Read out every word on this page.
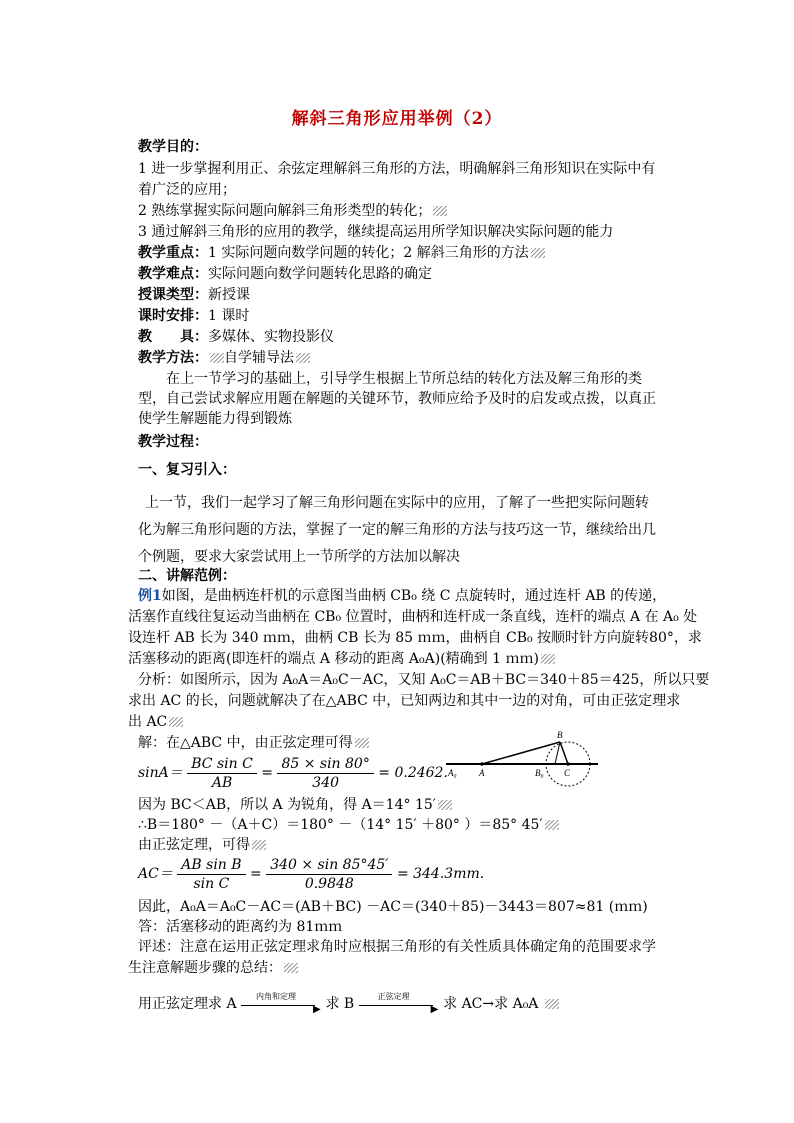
解斜三角形应用举例（2）
教学目的：
1 进一步掌握利用正、余弦定理解斜三角形的方法，明确解斜三角形知识在实际中有
着广泛的应用；
2 熟练掌握实际问题向解斜三角形类型的转化；
3 通过解斜三角形的应用的教学，继续提高运用所学知识解决实际问题的能力
教学重点：1 实际问题向数学问题的转化；2 解斜三角形的方法
教学难点：实际问题向数学问题转化思路的确定
授课类型：新授课
课时安排：1 课时
教　　具：多媒体、实物投影仪
教学方法： 自学辅导法
在上一节学习的基础上，引导学生根据上节所总结的转化方法及解三角形的类型，自己尝试求解应用题在解题的关键环节，教师应给予及时的启发或点拨，以真正使学生解题能力得到锻炼
教学过程：
一、复习引入：
上一节，我们一起学习了解三角形问题在实际中的应用，了解了一些把实际问题转化为解三角形问题的方法，掌握了一定的解三角形的方法与技巧这一节，继续给出几个例题，要求大家尝试用上一节所学的方法加以解决
二、讲解范例：
例1如图，是曲柄连杆机的示意图当曲柄 CB₀ 绕 C 点旋转时，通过连杆 AB 的传递，
活塞作直线往复运动当曲柄在 CB₀ 位置时，曲柄和连杆成一条直线，连杆的端点 A 在 A₀ 处
设连杆 AB 长为 340 ｍｍ，曲柄 CB 长为 85 ｍｍ，曲柄自 CB₀ 按顺时针方向旋转80°，求
活塞移动的距离(即连杆的端点 A 移动的距离 A₀A)(精确到 1 ｍｍ)
分析：如图所示，因为 A₀A＝A₀C－AC，又知 A₀C＝AB＋BC＝340＋85＝425，所以只要
求出 AC 的长，问题就解决了在△ABC 中，已知两边和其中一边的对角，可由正弦定理求
出 AC
解：在△ABC 中，由正弦定理可得
$\sin A= \frac{\text{BC sin C}}{AB} = \frac{85 \times \sin 80^\circ}{340} = 0.2462$.
因为 BC＜AB，所以 A 为锐角，得 A＝14° 15′
∴B＝180° －（A＋C）＝180° －（14° 15′ ＋80° ）＝85° 45′
由正弦定理，可得
$AC= \frac{\text{AB sin B}}{\text{sin C}} = \frac{340 \times \sin 85^\circ 45'}{0.9848} = 344.3mm$.
因此，A₀A＝A₀C－AC＝(AB＋BC) －AC＝(340＋85)－3443＝807≈81 (ｍｍ)
答：活塞移动的距离约为 81ｍｍ
评述：注意在运用正弦定理求角时应根据三角形的有关性质具体确定角的范围要求学
生注意解题步骤的总结：
用正弦定理求 A	内角和定理
▶ 求 B	正弦定理
▶ 求 AC→求 A₀A
A₀ A	B₀
B
C
